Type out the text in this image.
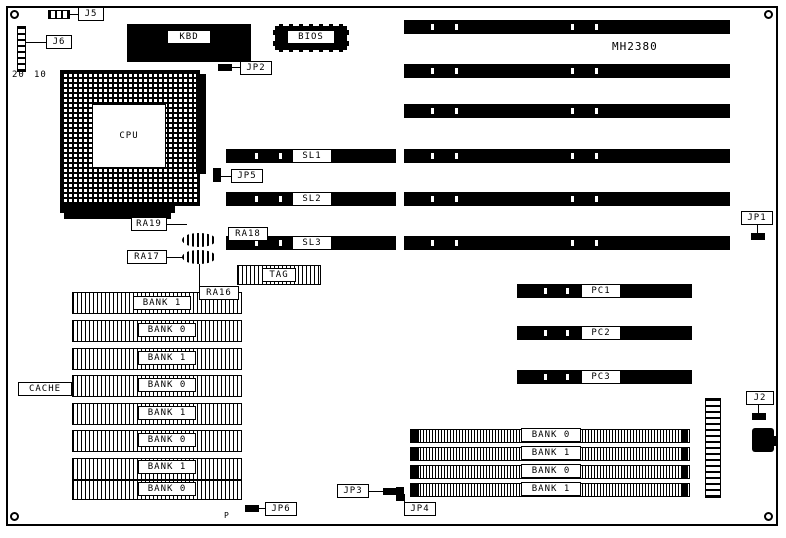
J5
J6
20 10
KBD	BIOS
JP2
CPU
AMP
JP5
RA19
RA18
RA17
RA16
SL1
SL2
SL3
TAG
MH2380
JP1
PC1
PC2
PC3
BANK 1
BANK 0
BANK 1
BANK 0
BANK 1
BANK 0
BANK 1
BANK 0
CACHE
P
JP6
BANK 0
BANK 1
BANK 0
BANK 1
JP3
JP4
J2
